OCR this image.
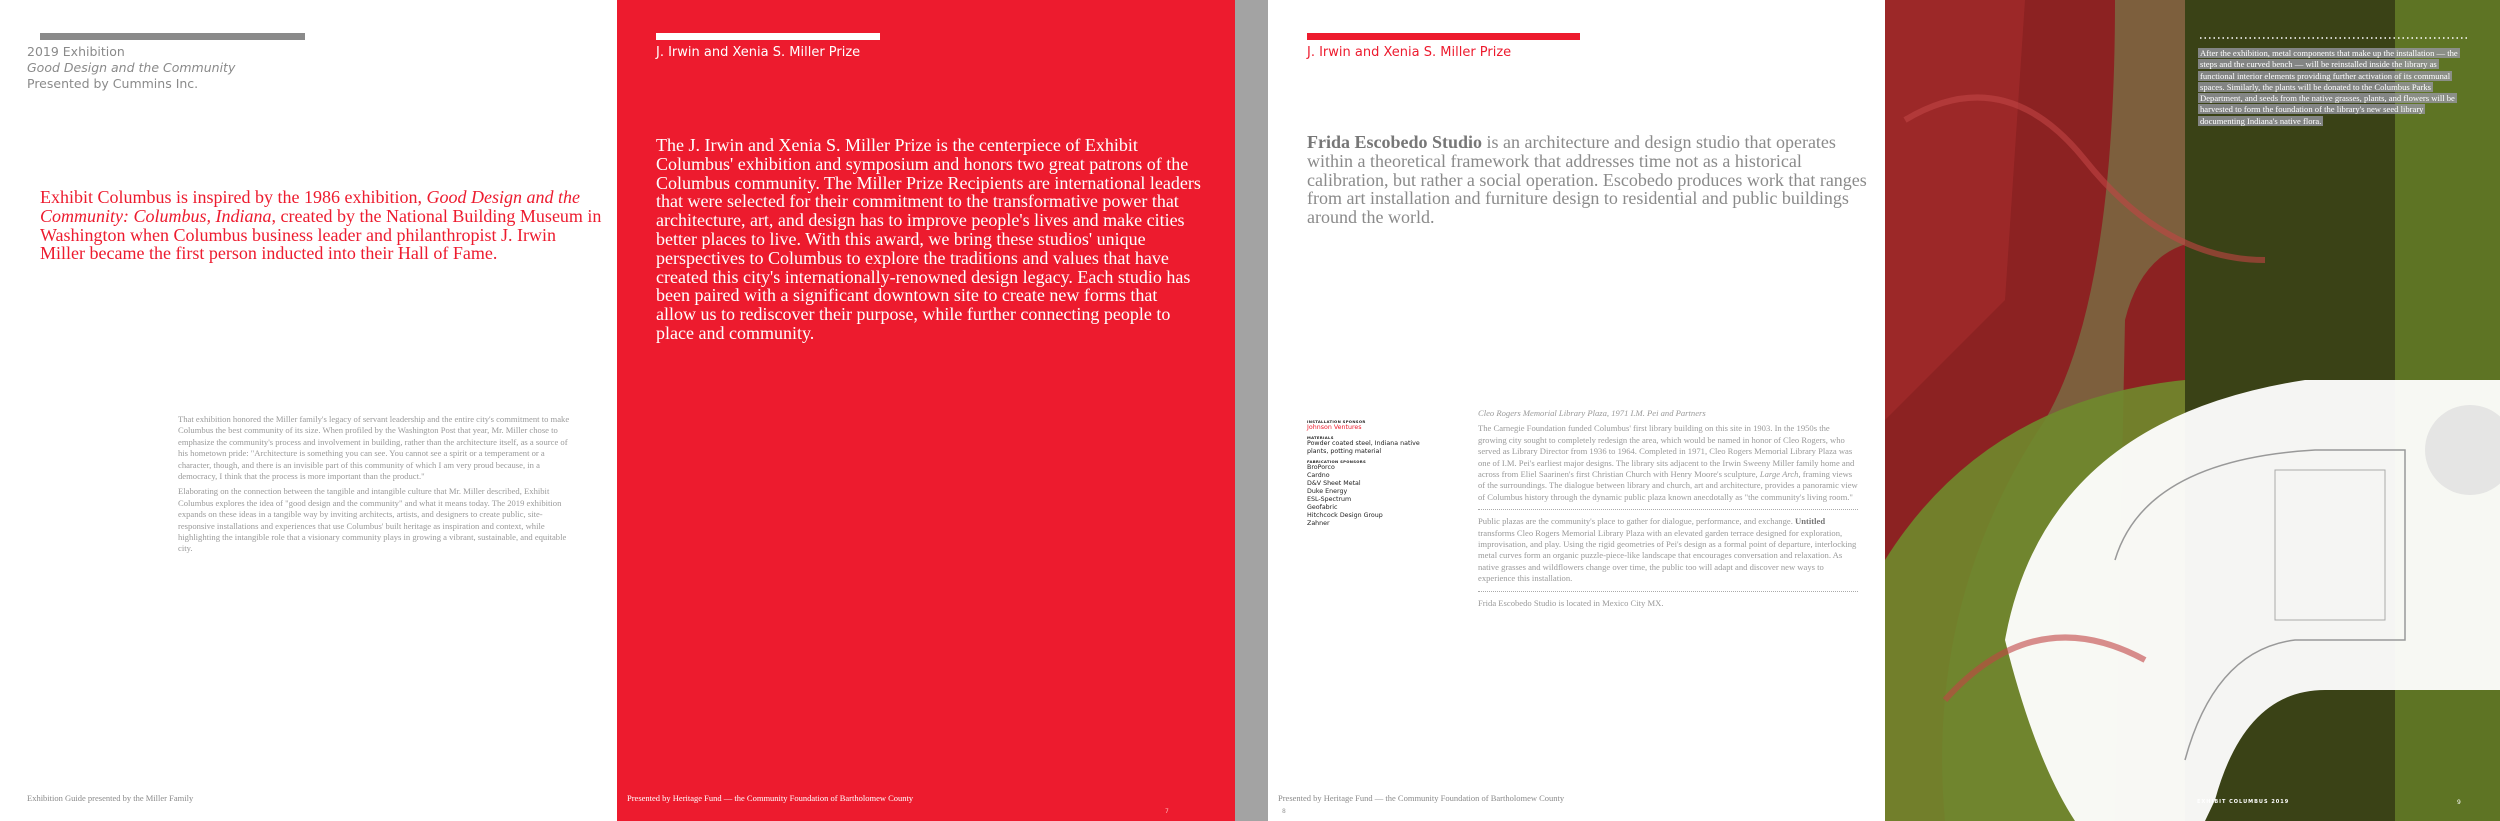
2019 Exhibition
Good Design and the Community
Presented by Cummins Inc.
Exhibit Columbus is inspired by the 1986 exhibition, Good Design and the Community: Columbus, Indiana, created by the National Building Museum in Washington when Columbus business leader and philanthropist J. Irwin Miller became the first person inducted into their Hall of Fame.

That exhibition honored the Miller family's legacy of servant leadership and the entire city's commitment to make Columbus the best community of its size. When profiled by the Washington Post that year, Mr. Miller chose to emphasize the community's process and involvement in building, rather than the architecture itself, as a source of his hometown pride: "Architecture is something you can see. You cannot see a spirit or a temperament or a character, though, and there is an invisible part of this community of which I am very proud because, in a democracy, I think that the process is more important than the product."

Elaborating on the connection between the tangible and intangible culture that Mr. Miller described, Exhibit Columbus explores the idea of "good design and the community" and what it means today. The 2019 exhibition expands on these ideas in a tangible way by inviting architects, artists, and designers to create public, site-responsive installations and experiences that use Columbus' built heritage as inspiration and context, while highlighting the intangible role that a visionary community plays in growing a vibrant, sustainable, and equitable city.

Exhibition Guide presented by the Miller Family
J. Irwin and Xenia S. Miller Prize
The J. Irwin and Xenia S. Miller Prize is the centerpiece of Exhibit Columbus' exhibition and symposium and honors two great patrons of the Columbus community. The Miller Prize Recipients are international leaders that were selected for their commitment to the transformative power that architecture, art, and design has to improve people's lives and make cities better places to live. With this award, we bring these studios' unique perspectives to Columbus to explore the traditions and values that have created this city's internationally-renowned design legacy. Each studio has been paired with a significant downtown site to create new forms that allow us to rediscover their purpose, while further connecting people to place and community.
Presented by Heritage Fund — the Community Foundation of Bartholomew County
7
J. Irwin and Xenia S. Miller Prize
Frida Escobedo Studio is an architecture and design studio that operates within a theoretical framework that addresses time not as a historical calibration, but rather a social operation. Escobedo produces work that ranges from art installation and furniture design to residential and public buildings around the world.
Presented by Heritage Fund — the Community Foundation of Bartholomew County
8
INSTALLATION SPONSOR
Johnson Ventures
MATERIALS
Powder coated steel, Indiana native plants, potting material
FABRICATION SPONSORS
BroPorco
Cardno
D&V Sheet Metal
Duke Energy
ESL-Spectrum
Geofabric
Hitchcock Design Group
Zahner

Cleo Rogers Memorial Library Plaza, 1971 I.M. Pei and Partners

The Carnegie Foundation funded Columbus' first library building on this site in 1903. In the 1950s the growing city sought to completely redesign the area, which would be named in honor of Cleo Rogers, who served as Library Director from 1936 to 1964. Completed in 1971, Cleo Rogers Memorial Library Plaza was one of I.M. Pei's earliest major designs. The library sits adjacent to the Irwin Sweeny Miller family home and across from Eliel Saarinen's first Christian Church with Henry Moore's sculpture, Large Arch, framing views of the surroundings. The dialogue between library and church, art and architecture, provides a panoramic view of Columbus history through the dynamic public plaza known anecdotally as "the community's living room."

Public plazas are the community's place to gather for dialogue, performance, and exchange. Untitled transforms Cleo Rogers Memorial Library Plaza with an elevated garden terrace designed for exploration, improvisation, and play. Using the rigid geometries of Pei's design as a formal point of departure, interlocking metal curves form an organic puzzle-piece-like landscape that encourages conversation and relaxation. As native grasses and wildflowers change over time, the public too will adapt and discover new ways to experience this installation.

Frida Escobedo Studio is located in Mexico City MX.

After the exhibition, metal components that make up the installation — the steps and the curved bench — will be reinstalled inside the library as functional interior elements providing further activation of its communal spaces. Similarly, the plants will be donated to the Columbus Parks Department, and seeds from the native grasses, plants, and flowers will be harvested to form the foundation of the library's new seed library documenting Indiana's native flora.
EXHIBIT COLUMBUS 2019	9
